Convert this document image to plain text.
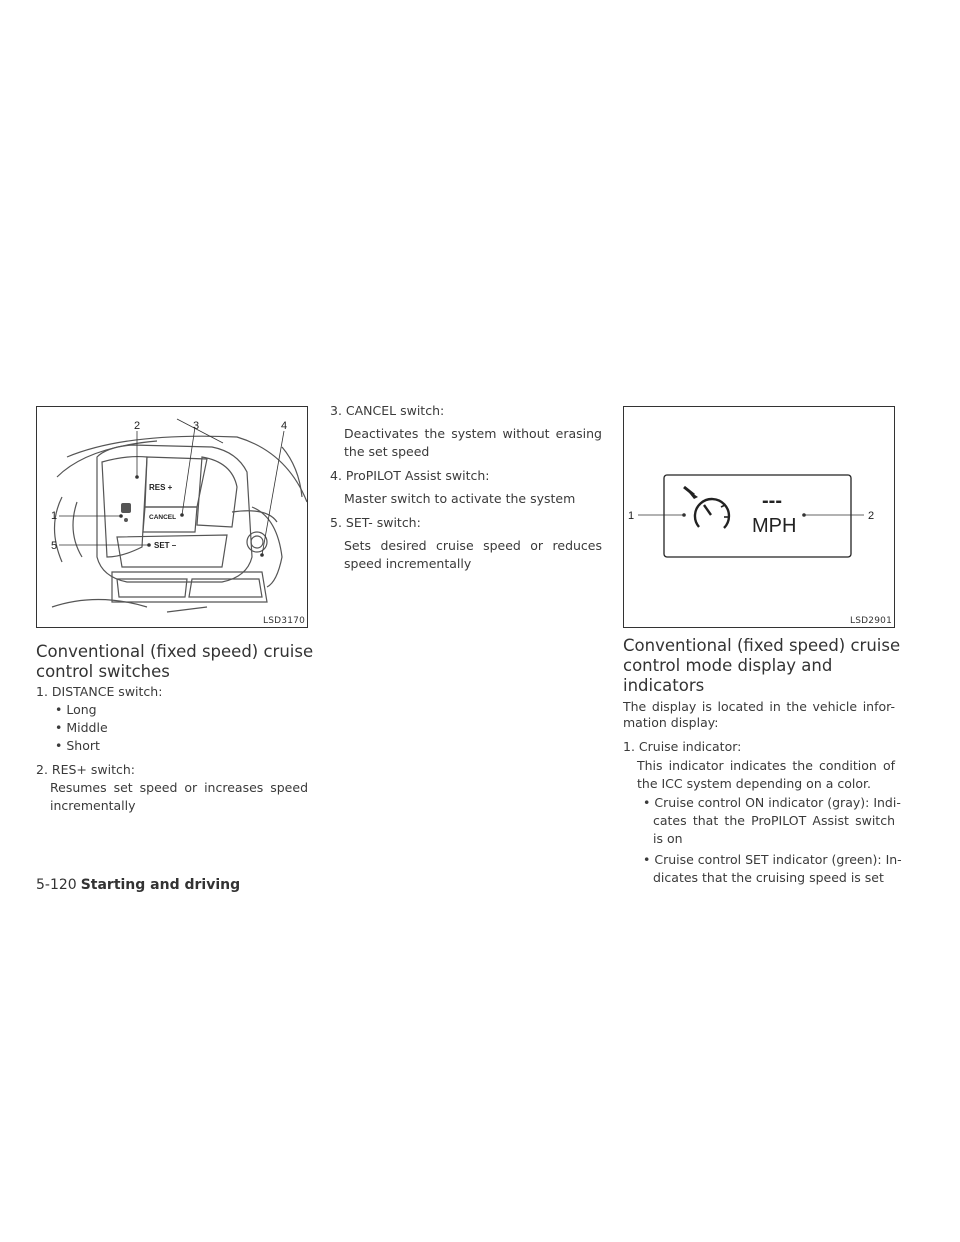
2	3	4
1
5
RES +
CANCEL
SET –
LSD3170
---
MPH
1	2
LSD2901
Conventional (fixed speed) cruise
control switches
1. DISTANCE switch:
• Long
• Middle
• Short
2. RES+ switch:
Resumes set speed or increases speed
incrementally
3. CANCEL switch:
Deactivates the system without erasing
the set speed
4. ProPILOT Assist switch:
Master switch to activate the system
5. SET- switch:
Sets desired cruise speed or reduces
speed incrementally
Conventional (fixed speed) cruise
control mode display and
indicators
The display is located in the vehicle infor-
mation display:
1. Cruise indicator:
This indicator indicates the condition of
the ICC system depending on a color.
• Cruise control ON indicator (gray): Indi-
cates that the ProPILOT Assist switch
is on
• Cruise control SET indicator (green): In-
dicates that the cruising speed is set
5-120 Starting and driving
